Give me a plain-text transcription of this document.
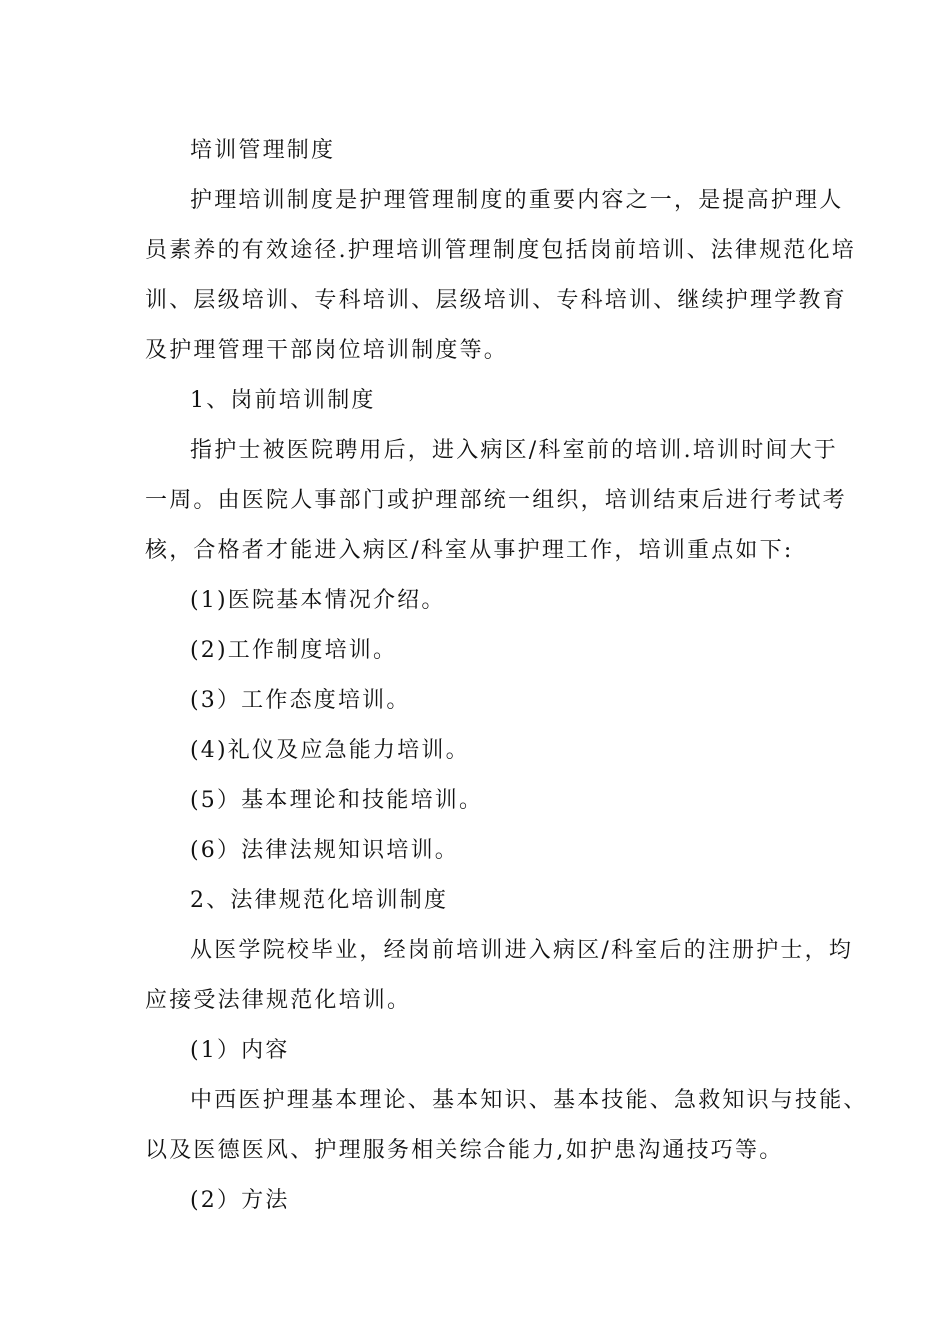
培训管理制度

护理培训制度是护理管理制度的重要内容之一，是提高护理人

员素养的有效途径.护理培训管理制度包括岗前培训、法律规范化培

训、层级培训、专科培训、层级培训、专科培训、继续护理学教育

及护理管理干部岗位培训制度等。

1、岗前培训制度

指护士被医院聘用后，进入病区/科室前的培训.培训时间大于

一周。由医院人事部门或护理部统一组织，培训结束后进行考试考

核，合格者才能进入病区/科室从事护理工作，培训重点如下:

(1)医院基本情况介绍。

(2)工作制度培训。

(3）工作态度培训。

(4)礼仪及应急能力培训。

(5）基本理论和技能培训。

(6）法律法规知识培训。

2、法律规范化培训制度

从医学院校毕业，经岗前培训进入病区/科室后的注册护士，均

应接受法律规范化培训。

(1）内容

中西医护理基本理论、基本知识、基本技能、急救知识与技能、

以及医德医风、护理服务相关综合能力,如护患沟通技巧等。

(2）方法
